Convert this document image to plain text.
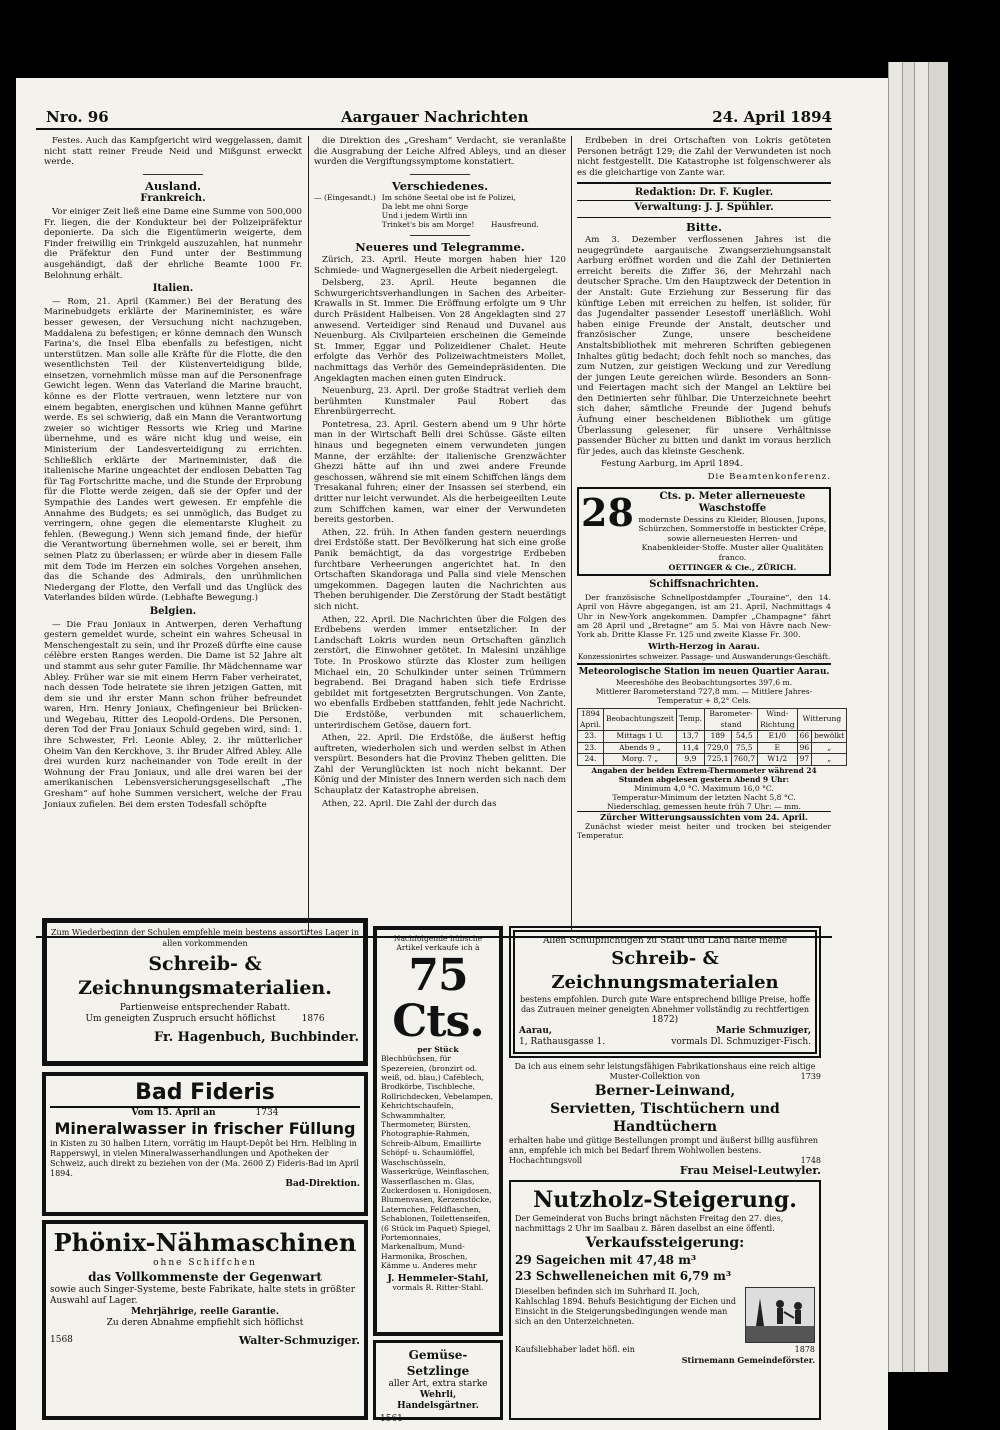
Nro. 96	Aargauer Nachrichten	24. April 1894

Festes. Auch das Kampfgericht wird weggelassen, damit nicht statt reiner Freude Neid und Mißgunst erweckt werde.

Ausland.
Frankreich.

Vor einiger Zeit ließ eine Dame eine Summe von 500,000 Fr. liegen, die der Kondukteur bei der Polizeipräfektur deponierte. Da sich die Eigentümerin weigerte, dem Finder freiwillig ein Trinkgeld auszuzahlen, hat nunmehr die Präfektur den Fund unter der Bestimmung ausgehändigt, daß der ehrliche Beamte 1000 Fr. Belohnung erhält.

Italien.

— Rom, 21. April (Kammer.) Bei der Beratung des Marinebudgets erklärte der Marineminister, es wäre besser gewesen, der Versuchung nicht nachzugeben, Maddalena zu befestigen; er könne demnach den Wunsch Farina's, die Insel Elba ebenfalls zu befestigen, nicht unterstützen. Man solle alle Kräfte für die Flotte, die den wesentlichsten Teil der Küstenverteidigung bilde, einsetzen, vornehmlich müsse man auf die Personenfrage Gewicht legen. Wenn das Vaterland die Marine braucht, könne es der Flotte vertrauen, wenn letztere nur von einem begabten, energischen und kühnen Manne geführt werde. Es sei schwierig, daß ein Mann die Verantwortung zweier so wichtiger Ressorts wie Krieg und Marine übernehme, und es wäre nicht klug und weise, ein Ministerium der Landesverteidigung zu errichten. Schließlich erklärte der Marineminister, daß die italienische Marine ungeachtet der endlosen Debatten Tag für Tag Fortschritte mache, und die Stunde der Erprobung für die Flotte werde zeigen, daß sie der Opfer und der Sympathie des Landes wert gewesen. Er empfehle die Annahme des Budgets; es sei unmöglich, das Budget zu verringern, ohne gegen die elementarste Klugheit zu fehlen. (Bewegung.) Wenn sich jemand finde, der hiefür die Verantwortung übernehmen wolle, sei er bereit, ihm seinen Platz zu überlassen; er würde aber in diesem Falle mit dem Tode im Herzen ein solches Vorgehen ansehen, das die Schande des Admirals, den unrühmlichen Niedergang der Flotte, den Verfall und das Unglück des Vaterlandes bilden würde. (Lebhafte Bewegung.)

Belgien.

— Die Frau Joniaux in Antwerpen, deren Verhaftung gestern gemeldet wurde, scheint ein wahres Scheusal in Menschengestalt zu sein, und ihr Prozeß dürfte eine cause célèbre ersten Ranges werden. Die Dame ist 52 Jahre alt und stammt aus sehr guter Familie. Ihr Mädchenname war Abley. Früher war sie mit einem Herrn Faber verheiratet, nach dessen Tode heiratete sie ihren jetzigen Gatten, mit dem sie und ihr erster Mann schon früher befreundet waren, Hrn. Henry Joniaux, Chefingenieur bei Brücken- und Wegebau, Ritter des Leopold-Ordens. Die Personen, deren Tod der Frau Joniaux Schuld gegeben wird, sind: 1. ihre Schwester, Frl. Leonie Abley, 2. ihr mütterlicher Oheim Van den Kerckhove, 3. ihr Bruder Alfred Abley. Alle drei wurden kurz nacheinander von Tode ereilt in der Wohnung der Frau Joniaux, und alle drei waren bei der amerikanischen Lebensversicherungsgesellschaft „The Gresham“ auf hohe Summen versichert, welche der Frau Joniaux zufielen. Bei dem ersten Todesfall schöpfte

die Direktion des „Gresham“ Verdacht, sie veranlaßte die Ausgrabung der Leiche Alfred Ableys, und an dieser wurden die Vergiftungssymptome konstatiert.

Verschiedenes.
— (Eingesandt.) Im schöne Seetal obe ist fe Polizei,
Da lebt me ohni Sorge
Und i jedem Wirtli inn
Trinket's bis am Morge! Hausfreund.
Neueres und Telegramme.

Zürich, 23. April. Heute morgen haben hier 120 Schmiede- und Wagnergesellen die Arbeit niedergelegt.

Delsberg, 23. April. Heute begannen die Schwurgerichtsverhandlungen in Sachen des Arbeiter-Krawalls in St. Immer. Die Eröffnung erfolgte um 9 Uhr durch Präsident Halbeisen. Von 28 Angeklagten sind 27 anwesend. Verteidiger sind Renaud und Duvanel aus Neuenburg. Als Civilparteien erscheinen die Gemeinde St. Immer, Eggar und Polizeidiener Chalet. Heute erfolgte das Verhör des Polizeiwachtmeisters Mollet, nachmittags das Verhör des Gemeindepräsidenten. Die Angeklagten machen einen guten Eindruck.

Neuenburg, 23. April. Der große Stadtrat verlieh dem berühmten Kunstmaler Paul Robert das Ehrenbürgerrecht.

Pontetresa, 23. April. Gestern abend um 9 Uhr hörte man in der Wirtschaft Belli drei Schüsse. Gäste eilten hinaus und begegneten einem verwundeten jungen Manne, der erzählte: der italienische Grenzwächter Ghezzi hätte auf ihn und zwei andere Freunde geschossen, während sie mit einem Schiffchen längs dem Tresakanal fuhren; einer der Insassen sei sterbend, ein dritter nur leicht verwundet. Als die herbeigeeilten Leute zum Schiffchen kamen, war einer der Verwundeten bereits gestorben.

Athen, 22. früh. In Athen fanden gestern neuerdings drei Erdstöße statt. Der Bevölkerung hat sich eine große Panik bemächtigt, da das vorgestrige Erdbeben furchtbare Verheerungen angerichtet hat. In den Ortschaften Skandoraga und Palla sind viele Menschen umgekommen. Dagegen lauten die Nachrichten aus Theben beruhigender. Die Zerstörung der Stadt bestätigt sich nicht.

Athen, 22. April. Die Nachrichten über die Folgen des Erdbebens werden immer entsetzlicher. In der Landschaft Lokris wurden neun Ortschaften gänzlich zerstört, die Einwohner getötet. In Malesini unzählige Tote. In Proskowo stürzte das Kloster zum heiligen Michael ein, 20 Schulkinder unter seinen Trümmern begrabend. Bei Dragand haben sich tiefe Erdrisse gebildet mit fortgesetzten Bergrutschungen. Von Zante, wo ebenfalls Erdbeben stattfanden, fehlt jede Nachricht. Die Erdstöße, verbunden mit schauerlichem, unterirdischem Getöse, dauern fort.

Athen, 22. April. Die Erdstöße, die äußerst heftig auftreten, wiederholen sich und werden selbst in Athen verspürt. Besonders hat die Provinz Theben gelitten. Die Zahl der Verunglückten ist noch nicht bekannt. Der König und der Minister des Innern werden sich nach dem Schauplatz der Katastrophe abreisen.

Athen, 22. April. Die Zahl der durch das

Erdbeben in drei Ortschaften von Lokris getöteten Personen beträgt 129; die Zahl der Verwundeten ist noch nicht festgestellt. Die Katastrophe ist folgenschwerer als es die gleichartige von Zante war.

Redaktion: Dr. F. Kugler.
Verwaltung: J. J. Spühler.
Bitte.

Am 3. Dezember verflossenen Jahres ist die neugegründete aargauische Zwangserziehungsanstalt Aarburg eröffnet worden und die Zahl der Detinierten erreicht bereits die Ziffer 36, der Mehrzahl nach deutscher Sprache. Um den Hauptzweck der Detention in der Anstalt: Gute Erziehung zur Besserung für das künftige Leben mit erreichen zu helfen, ist solider, für das Jugendalter passender Lesestoff unerläßlich. Wohl haben einige Freunde der Anstalt, deutscher und französischer Zunge, unsere bescheidene Anstaltsbibliothek mit mehreren Schriften gebiegenen Inhaltes gütig bedacht; doch fehlt noch so manches, das zum Nutzen, zur geistigen Weckung und zur Veredlung der jungen Leute gereichen würde. Besonders an Sonn- und Feiertagen macht sich der Mangel an Lektüre bei den Detinierten sehr fühlbar. Die Unterzeichnete beehrt sich daher, sämtliche Freunde der Jugend behufs Äufnung einer bescheidenen Bibliothek um gütige Überlassung gelesener, für unsere Verhältnisse passender Bücher zu bitten und dankt im voraus herzlich für jedes, auch das kleinste Geschenk.

Festung Aarburg, im April 1894.

Die Beamtenkonferenz.

28	Cts. p. Meter allerneueste Waschstoffe
modernste Dessins zu Kleider, Blousen, Jupons, Schürzchen, Sommerstoffe in bestickter Crêpe, sowie allerneuesten Herren- und Knabenkleider-Stoffe. Muster aller Qualitäten franco.
OETTINGER & Cie., ZÜRICH.
Schiffsnachrichten.

Der französische Schnellpostdampfer „Touraine“, den 14. April von Hâvre abgegangen, ist am 21. April, Nachmittags 4 Uhr in New-York angekommen. Dampfer „Champagne“ fährt am 28 April und „Bretagne“ am 5. Mai von Hâvre nach New-York ab. Dritte Klasse Fr. 125 und zweite Klasse Fr. 300.

Wirth-Herzog in Aarau.
Konzessionirtes schweizer. Passage- und Auswanderungs-Geschäft.
Meteorologische Station im neuen Quartier Aarau.
Meereshöhe des Beobachtungsortes 397,6 m.
Mittlerer Barometerstand 727,8 mm. — Mittlere Jahres-Temperatur + 8,2° Cels.
1894 April.	Beobachtungszeit	Temp.	Barometer-stand		Wind-Richtung	Witterung	
23.	Mittags 1 U.	13,7	189	54,5	E1/0	66	bewölkt
23.	Abends 9 „	11,4	729,0	75,5	E	96	„
24.	Morg. 7 „	9,9	725,1	760,7	W1/2	97	„
Angaben der beiden Extrem-Thermometer während 24 Stunden abgelesen gestern Abend 9 Uhr:
Minimum 4,0 °C. Maximum 16,0 °C.
Temperatur-Minimum der letzten Nacht 5,8 °C.
Niederschlag, gemessen heute früh 7 Uhr: — mm.
Zürcher Witterungsaussichten vom 24. April.
Zunächst wieder meist heiter und trocken bei steigender Temperatur.
Zum Wiederbeginn der Schulen empfehle mein bestens assortirtes Lager in allen vorkommenden
Schreib- & Zeichnungsmaterialien.
Partienweise entsprechender Rabatt.
Um geneigten Zuspruch ersucht höflichst	1876
Fr. Hagenbuch, Buchbinder.
Bad Fideris
Vom 15. April an	1734
Mineralwasser in frischer Füllung
in Kisten zu 30 halben Litern, vorrätig im Haupt-Depôt bei Hrn. Helbling in Rapperswyl, in vielen Mineralwasserhandlungen und Apotheken der Schweiz, auch direkt zu beziehen von der (Ma. 2600 Z) Fideris-Bad im April 1894.
Bad-Direktion.
Phönix-Nähmaschinen
ohne Schiffchen
das Vollkommenste der Gegenwart
sowie auch Singer-Systeme, beste Fabrikate, halte stets in größter Auswahl auf Lager.
Mehrjährige, reelle Garantie.
Zu deren Abnahme empfiehlt sich höflichst
1568	Walter-Schmuziger.
Nachfolgende hübsche Artikel verkaufe ich à
75 Cts.
per Stück
Blechbüchsen, für Spezereien, (bronzirt od. weiß, od. blau,) Caféblech, Brodkörbe, Tischbleche, Rollrichdecken, Vebelampen, Kehrichtschaufeln, Schwammhalter, Thermometer, Bürsten, Photographie-Rahmen, Schreib-Album, Emaillirte Schöpf- u. Schaumlöffel, Waschschüsseln, Wasserkrüge, Weinflaschen, Wasserflaschen m. Glas, Zuckerdosen u. Honigdosen, Blumenvasen, Kerzenstöcke, Laternchen, Feldflaschen, Schablonen, Toilettenseifen, (6 Stück im Paquet) Spiegel, Portemonnaies, Markenalbum, Mund-Harmonika, Broschen, Kämme u. Anderes mehr
J. Hemmeler-Stahl,
vormals R. Ritter-Stahl.
Gemüse-Setzlinge
aller Art, extra starke
Wehrli, Handelsgärtner.
1561
Allen Schulpflichtigen zu Stadt und Land halte meine
Schreib- & Zeichnungsmaterialen
bestens empfohlen. Durch gute Ware entsprechend billige Preise, hoffe das Zutrauen meiner geneigten Abnehmer vollständig zu rechtfertigen
1872)
Aarau,	Marie Schmuziger,
1, Rathausgasse 1.	vormals Dl. Schmuziger-Fisch.
Da ich aus einem sehr leistungsfähigen Fabrikationshaus eine reich altige Muster-Collektion von	1739
Berner-Leinwand,
Servietten, Tischtüchern und Handtüchern
erhalten habe und gütige Bestellungen prompt und äußerst billig ausführen ann, empfehle ich mich bei Bedarf Ihrem Wohlwollen bestens.
Hochachtungsvoll	1748
Frau Meisel-Leutwyler.
Nutzholz-Steigerung.
Der Gemeinderat von Buchs bringt nächsten Freitag den 27. dies, nachmittags 2 Uhr im Saalbau z. Bären daselbst an eine öffentl.
Verkaufssteigerung:
29 Sageichen mit 47,48 m³
23 Schwelleneichen mit 6,79 m³
Dieselben befinden sich im Suhrhard II. Joch, Kahlschlag 1894. Behufs Besichtigung der Eichen und Einsicht in die Steigerungsbedingungen wende man sich an den Unterzeichneten.
Kaufsliebhaber ladet höfl. ein	1878
Stirnemann Gemeindeförster.
